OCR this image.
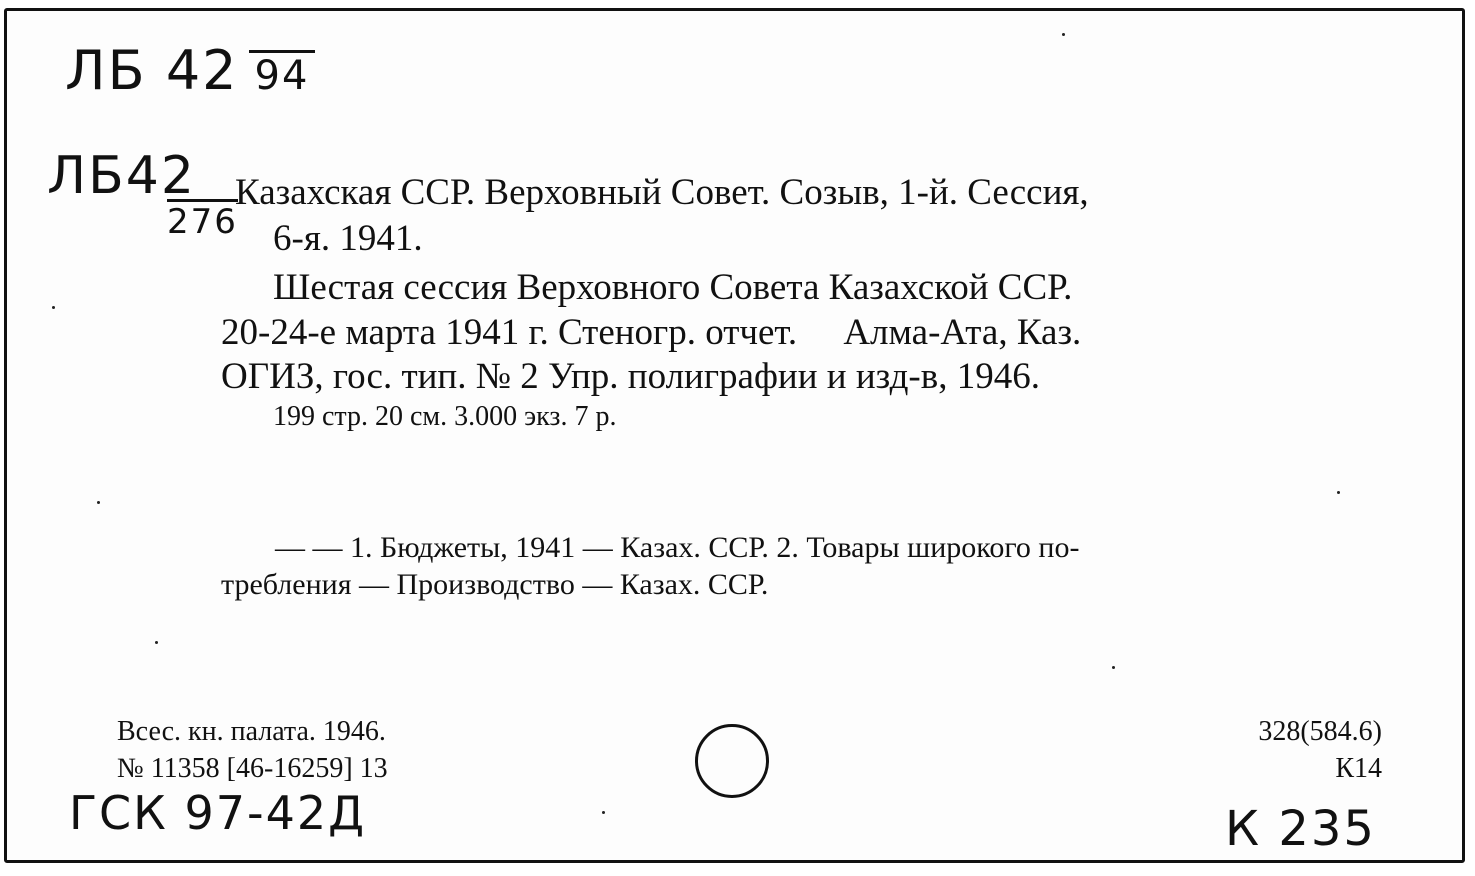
ЛБ 42 94
ЛБ42
276
Казахская ССР. Верховный Совет. Созыв, 1-й. Сессия,
6-я. 1941.
Шестая сессия Верховного Совета Казахской ССР.
20-24-е марта 1941 г. Стеногр. отчет.     Алма-Ата, Каз.
ОГИЗ, гос. тип. № 2 Упр. полиграфии и изд-в, 1946.
199 стр. 20 см. 3.000 экз. 7 р.
— — 1. Бюджеты, 1941 — Казах. ССР. 2. Товары широкого по-
требления — Производство — Казах. ССР.
Всес. кн. палата. 1946.
№ 11358 [46-16259] 13
328(584.6)
К14
ГСК 97-42Д	К 235
